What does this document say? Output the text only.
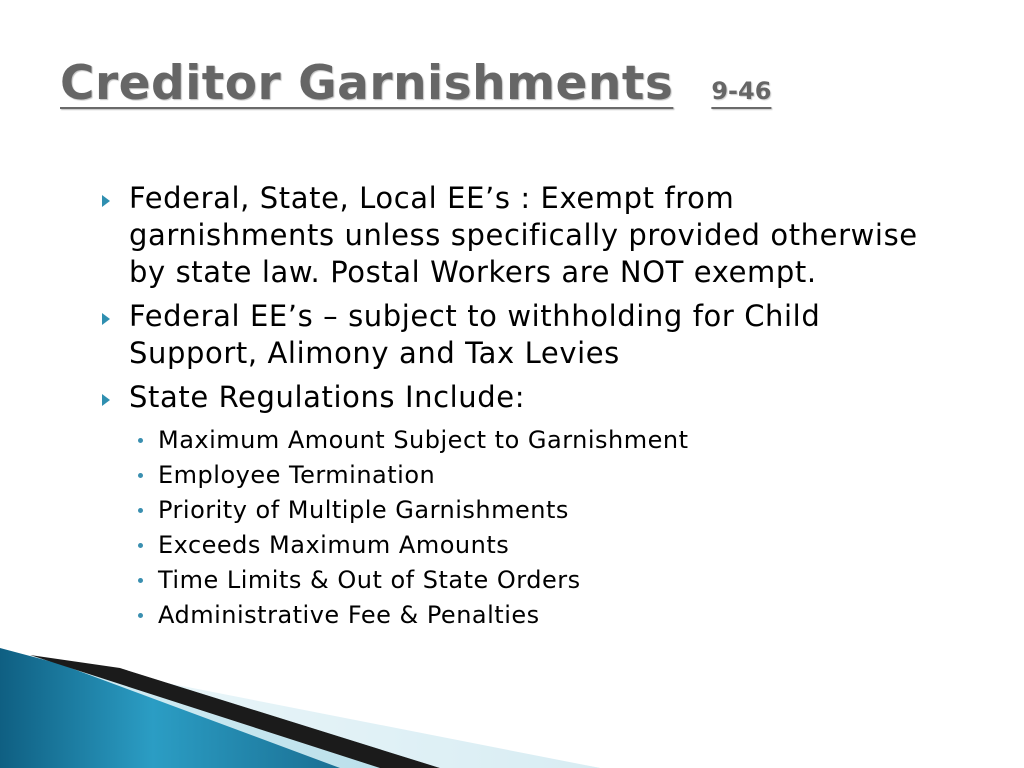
Creditor Garnishments 9-46
Federal, State, Local EE’s : Exempt from garnishments unless specifically provided otherwise by state law. Postal Workers are NOT exempt.
Federal EE’s – subject to withholding for Child Support, Alimony and Tax Levies
State Regulations Include:
Maximum Amount Subject to Garnishment
Employee Termination
Priority of Multiple Garnishments
Exceeds Maximum Amounts
Time Limits & Out of State Orders
Administrative Fee & Penalties
